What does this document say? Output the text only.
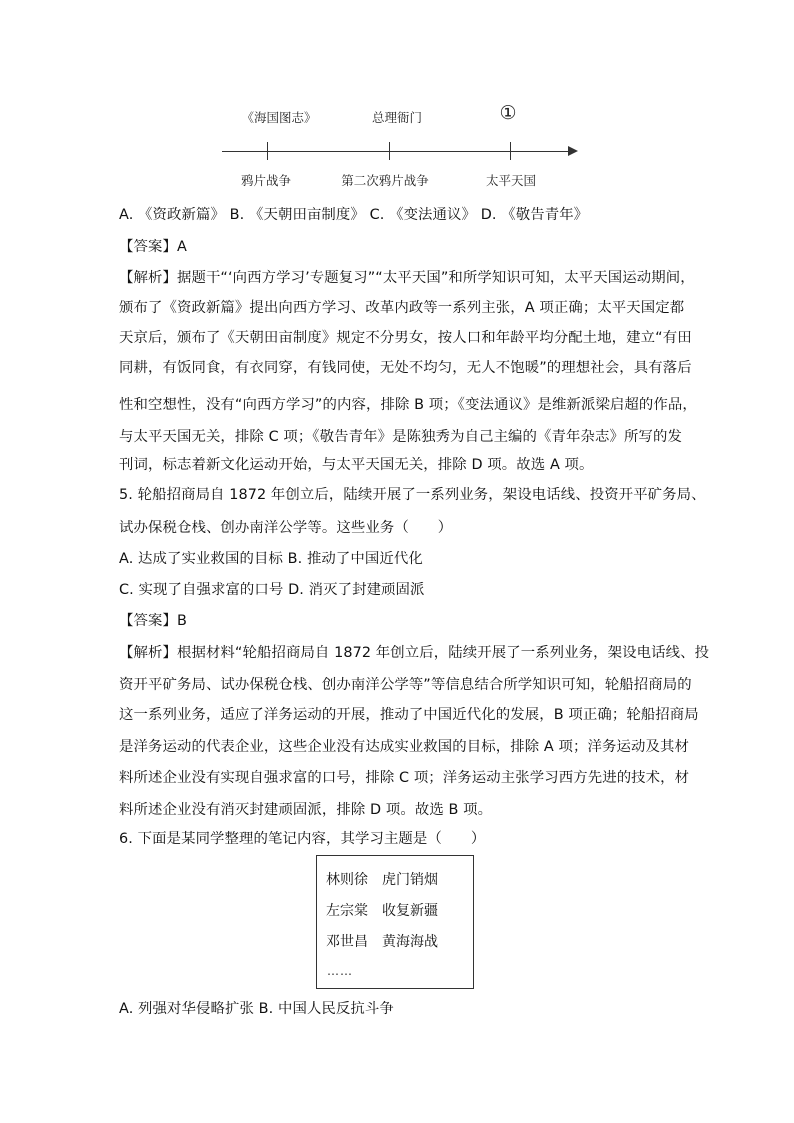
《海国图志》	总理衙门	①
鸦片战争	第二次鸦片战争	太平天国
A. 《资政新篇》 B. 《天朝田亩制度》 C. 《变法通议》 D. 《敬告青年》
【答案】A
【解析】据题干“‘向西方学习’专题复习”“太平天国”和所学知识可知，太平天国运动期间，
颁布了《资政新篇》提出向西方学习、改革内政等一系列主张，A 项正确；太平天国定都
天京后，颁布了《天朝田亩制度》规定不分男女，按人口和年龄平均分配土地，建立“有田
同耕，有饭同食，有衣同穿，有钱同使，无处不均匀，无人不饱暖”的理想社会，具有落后
性和空想性，没有“向西方学习”的内容，排除 B 项；《变法通议》是维新派梁启超的作品，
与太平天国无关，排除 C 项；《敬告青年》是陈独秀为自己主编的《青年杂志》所写的发
刊词，标志着新文化运动开始，与太平天国无关，排除 D 项。故选 A 项。
5. 轮船招商局自 1872 年创立后，陆续开展了一系列业务，架设电话线、投资开平矿务局、
试办保税仓栈、创办南洋公学等。这些业务（　　）
A. 达成了实业救国的目标 B. 推动了中国近代化
C. 实现了自强求富的口号 D. 消灭了封建顽固派
【答案】B
【解析】根据材料“轮船招商局自 1872 年创立后，陆续开展了一系列业务，架设电话线、投
资开平矿务局、试办保税仓栈、创办南洋公学等”等信息结合所学知识可知，轮船招商局的
这一系列业务，适应了洋务运动的开展，推动了中国近代化的发展，B 项正确；轮船招商局
是洋务运动的代表企业，这些企业没有达成实业救国的目标，排除 A 项；洋务运动及其材
料所述企业没有实现自强求富的口号，排除 C 项；洋务运动主张学习西方先进的技术，材
料所述企业没有消灭封建顽固派，排除 D 项。故选 B 项。
6. 下面是某同学整理的笔记内容，其学习主题是（　　）
林则徐　虎门销烟
左宗棠　收复新疆
邓世昌　黄海海战
……
A. 列强对华侵略扩张 B. 中国人民反抗斗争
